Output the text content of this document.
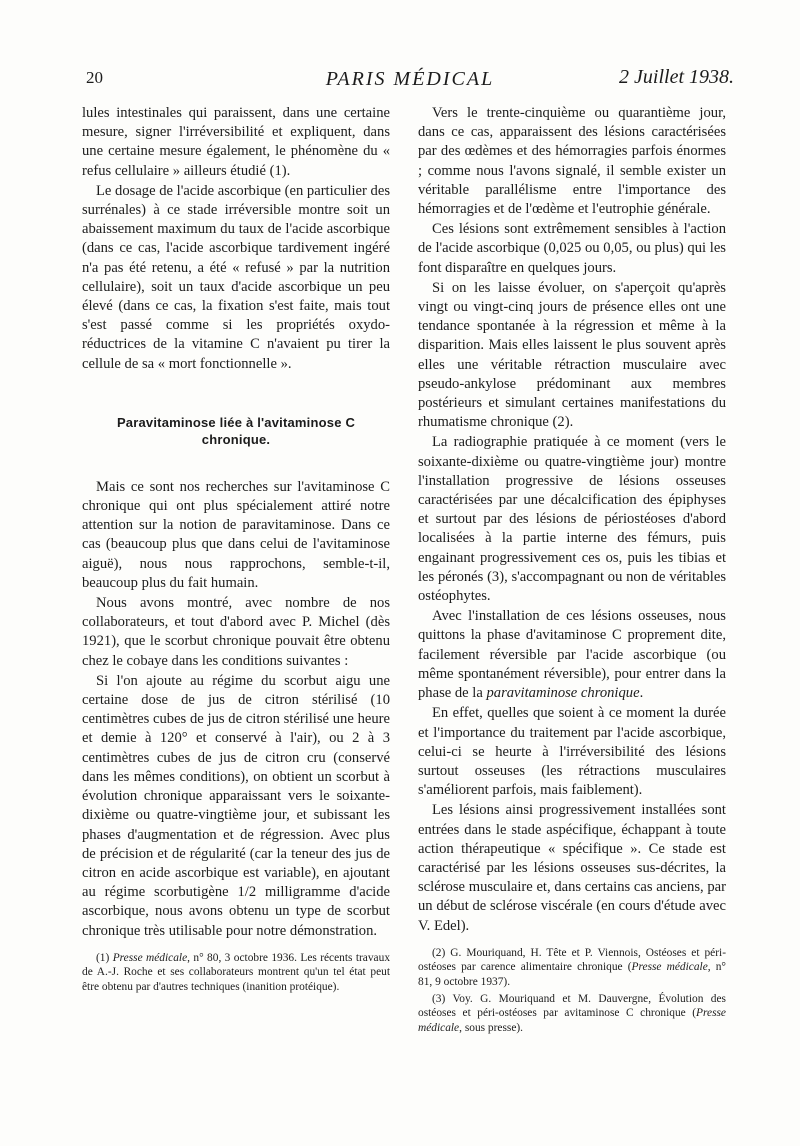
20	PARIS MÉDICAL	2 Juillet 1938.

lules intestinales qui paraissent, dans une certaine mesure, signer l'irréversibilité et expliquent, dans une certaine mesure également, le phénomène du « refus cellulaire » ailleurs étudié (1).

Le dosage de l'acide ascorbique (en particulier des surrénales) à ce stade irréversible montre soit un abaissement maximum du taux de l'acide ascorbique (dans ce cas, l'acide ascorbique tardivement ingéré n'a pas été retenu, a été « refusé » par la nutrition cellulaire), soit un taux d'acide ascorbique un peu élevé (dans ce cas, la fixation s'est faite, mais tout s'est passé comme si les propriétés oxydo-réductrices de la vitamine C n'avaient pu tirer la cellule de sa « mort fonctionnelle ».

Paravitaminose liée à l'avitaminose C chronique.

Mais ce sont nos recherches sur l'avitaminose C chronique qui ont plus spécialement attiré notre attention sur la notion de paravitaminose. Dans ce cas (beaucoup plus que dans celui de l'avitaminose aiguë), nous nous rapprochons, semble-t-il, beaucoup plus du fait humain.

Nous avons montré, avec nombre de nos collaborateurs, et tout d'abord avec P. Michel (dès 1921), que le scorbut chronique pouvait être obtenu chez le cobaye dans les conditions suivantes :

Si l'on ajoute au régime du scorbut aigu une certaine dose de jus de citron stérilisé (10 centimètres cubes de jus de citron stérilisé une heure et demie à 120° et conservé à l'air), ou 2 à 3 centimètres cubes de jus de citron cru (conservé dans les mêmes conditions), on obtient un scorbut à évolution chronique apparaissant vers le soixante-dixième ou quatre-vingtième jour, et subissant les phases d'augmentation et de régression. Avec plus de précision et de régularité (car la teneur des jus de citron en acide ascorbique est variable), en ajoutant au régime scorbutigène 1/2 milligramme d'acide ascorbique, nous avons obtenu un type de scorbut chronique très utilisable pour notre démonstration.

(1) Presse médicale, n° 80, 3 octobre 1936. Les récents travaux de A.-J. Roche et ses collaborateurs montrent qu'un tel état peut être obtenu par d'autres techniques (inanition protéique).

Vers le trente-cinquième ou quarantième jour, dans ce cas, apparaissent des lésions caractérisées par des œdèmes et des hémorragies parfois énormes ; comme nous l'avons signalé, il semble exister un véritable parallélisme entre l'importance des hémorragies et de l'œdème et l'eutrophie générale.

Ces lésions sont extrêmement sensibles à l'action de l'acide ascorbique (0,025 ou 0,05, ou plus) qui les font disparaître en quelques jours.

Si on les laisse évoluer, on s'aperçoit qu'après vingt ou vingt-cinq jours de présence elles ont une tendance spontanée à la régression et même à la disparition. Mais elles laissent le plus souvent après elles une véritable rétraction musculaire avec pseudo-ankylose prédominant aux membres postérieurs et simulant certaines manifestations du rhumatisme chronique (2).

La radiographie pratiquée à ce moment (vers le soixante-dixième ou quatre-vingtième jour) montre l'installation progressive de lésions osseuses caractérisées par une décalcification des épiphyses et surtout par des lésions de périostéoses d'abord localisées à la partie interne des fémurs, puis engainant progressivement ces os, puis les tibias et les péronés (3), s'accompagnant ou non de véritables ostéophytes.

Avec l'installation de ces lésions osseuses, nous quittons la phase d'avitaminose C proprement dite, facilement réversible par l'acide ascorbique (ou même spontanément réversible), pour entrer dans la phase de la paravitaminose chronique.

En effet, quelles que soient à ce moment la durée et l'importance du traitement par l'acide ascorbique, celui-ci se heurte à l'irréversibilité des lésions surtout osseuses (les rétractions musculaires s'améliorent parfois, mais faiblement).

Les lésions ainsi progressivement installées sont entrées dans le stade aspécifique, échappant à toute action thérapeutique « spécifique ». Ce stade est caractérisé par les lésions osseuses sus-décrites, la sclérose musculaire et, dans certains cas anciens, par un début de sclérose viscérale (en cours d'étude avec V. Edel).

(2) G. Mouriquand, H. Tête et P. Viennois, Ostéoses et péri-ostéoses par carence alimentaire chronique (Presse médicale, n° 81, 9 octobre 1937).

(3) Voy. G. Mouriquand et M. Dauvergne, Évolution des ostéoses et péri-ostéoses par avitaminose C chronique (Presse médicale, sous presse).
